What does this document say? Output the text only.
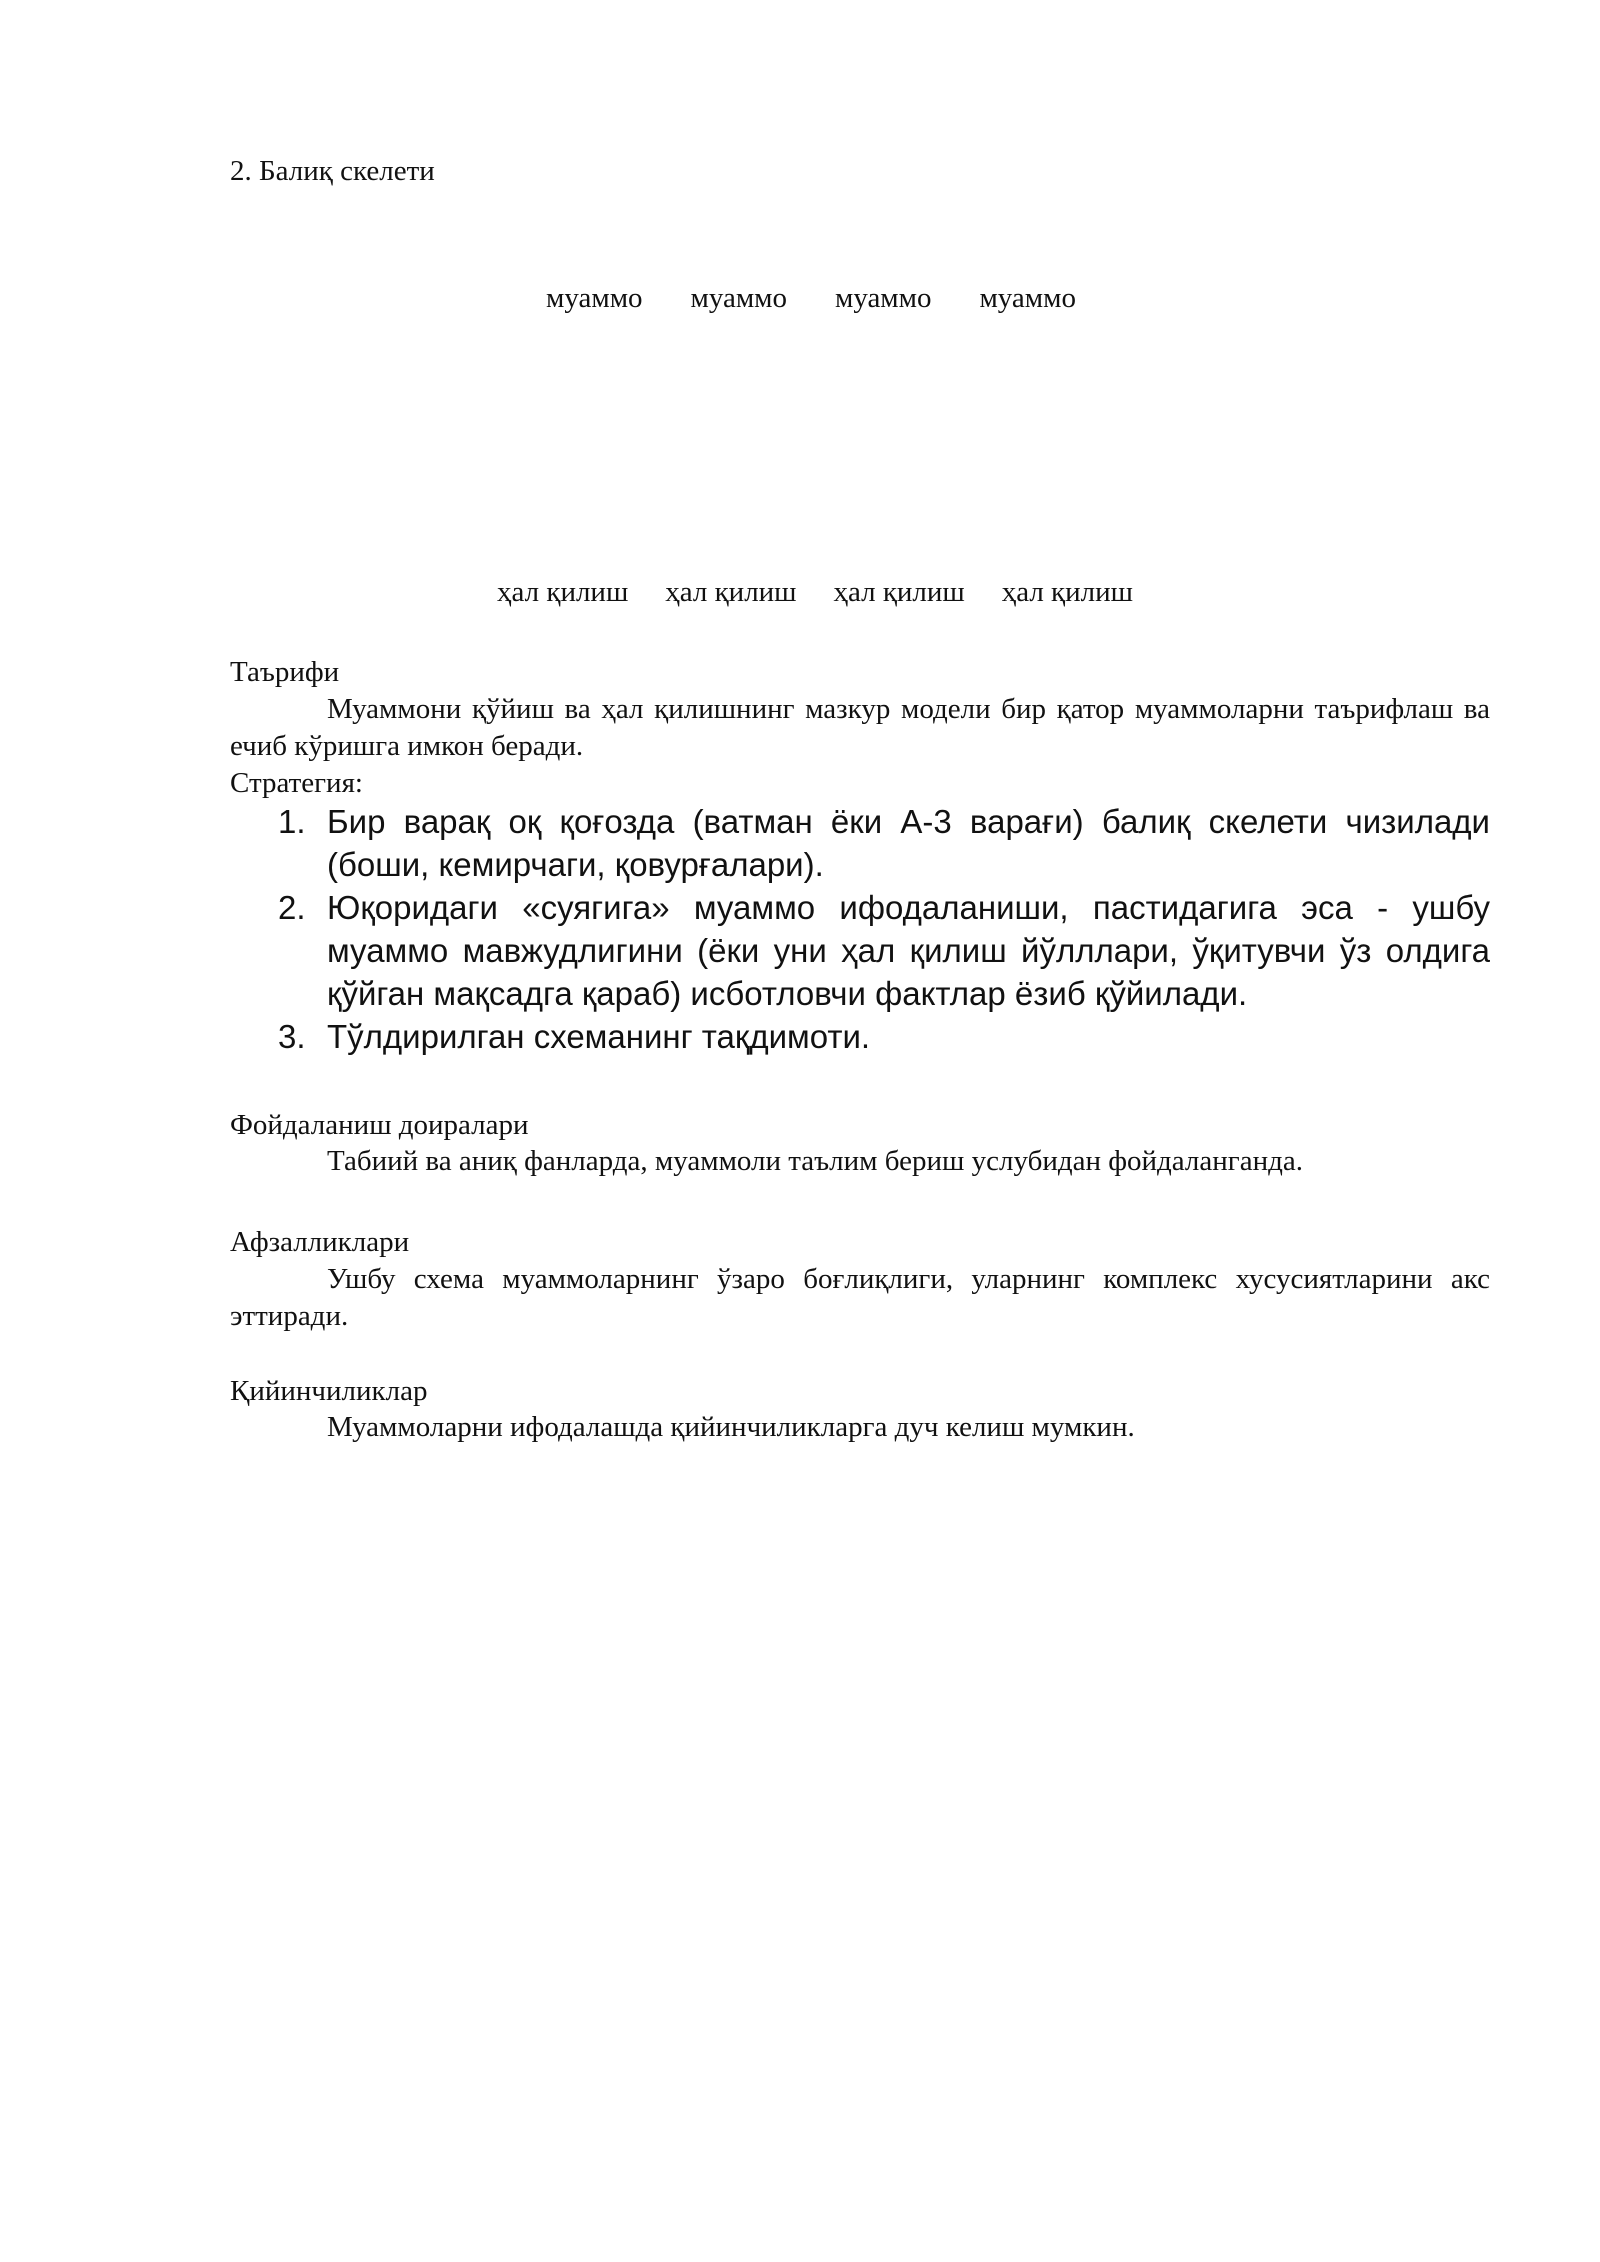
2. Балиқ скелети
муаммо муаммо муаммо муаммо
ҳал қилиш ҳал қилиш ҳал қилиш ҳал қилиш
Таърифи
Муаммони қўйиш ва ҳал қилишнинг мазкур модели бир қатор муаммоларни таърифлаш ва ечиб кўришга имкон беради.
Стратегия:
1. Бир варақ оқ қоғозда (ватман ёки А-3 варағи) балиқ скелети чизилади (боши, кемирчаги, қовурғалари).
2. Юқоридаги «суягига» муаммо ифодаланиши, пастидагига эса - ушбу муаммо мавжудлигини (ёки уни ҳал қилиш йўлллари, ўқитувчи ўз олдига қўйган мақсадга қараб) исботловчи фактлар ёзиб қўйилади.
3. Тўлдирилган схеманинг тақдимоти.
Фойдаланиш доиралари
Табиий ва аниқ фанларда, муаммоли таълим бериш услубидан фойдаланганда.
Афзалликлари
Ушбу схема муаммоларнинг ўзаро боғлиқлиги, уларнинг комплекс хусусиятларини акс эттиради.
Қийинчиликлар
Муаммоларни ифодалашда қийинчиликларга дуч келиш мумкин.
